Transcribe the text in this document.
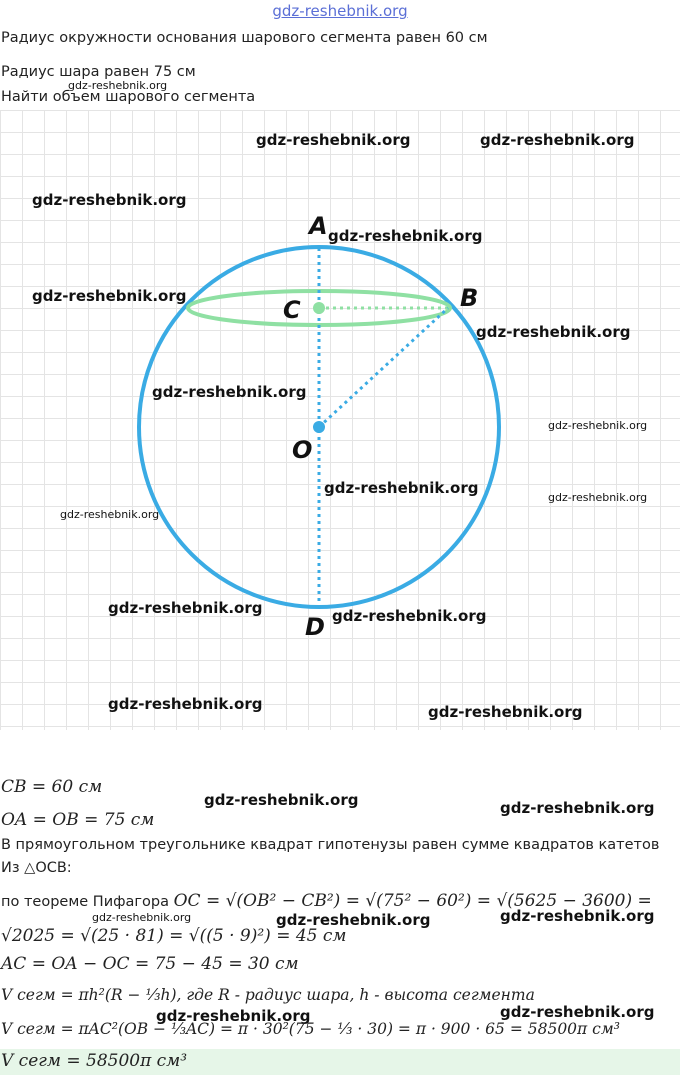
gdz-reshebnik.org
Радиус окружности основания шарового сегмента равен 60 см
Радиус шара равен 75 см
Найти объем шарового сегмента
A
B
C
O
D
gdz-reshebnik.org
gdz-reshebnik.org	gdz-reshebnik.org
gdz-reshebnik.org
gdz-reshebnik.org
gdz-reshebnik.org
gdz-reshebnik.org
gdz-reshebnik.org
gdz-reshebnik.org
gdz-reshebnik.org
gdz-reshebnik.org
gdz-reshebnik.org
gdz-reshebnik.org	gdz-reshebnik.org
gdz-reshebnik.org	gdz-reshebnik.org
gdz-reshebnik.org	gdz-reshebnik.org
gdz-reshebnik.org	gdz-reshebnik.org	gdz-reshebnik.org
gdz-reshebnik.org
gdz-reshebnik.org
CB = 60 см
OA = OB = 75 см
В прямоугольном треугольнике квадрат гипотенузы равен сумме квадратов катетов
Из △OCB:
по теореме Пифагора OC = √(OB² − CB²) = √(75² − 60²) = √(5625 − 3600) =
√2025 = √(25 · 81) = √((5 · 9)²) = 45 см
AC = OA − OC = 75 − 45 = 30 см
V сегм = πh²(R − ⅓h), где R - радиус шара, h - высота сегмента
V сегм = πAC²(OB − ⅓AC) = π · 30²(75 − ⅓ · 30) = π · 900 · 65 = 58500π см³
V сегм = 58500π см³
